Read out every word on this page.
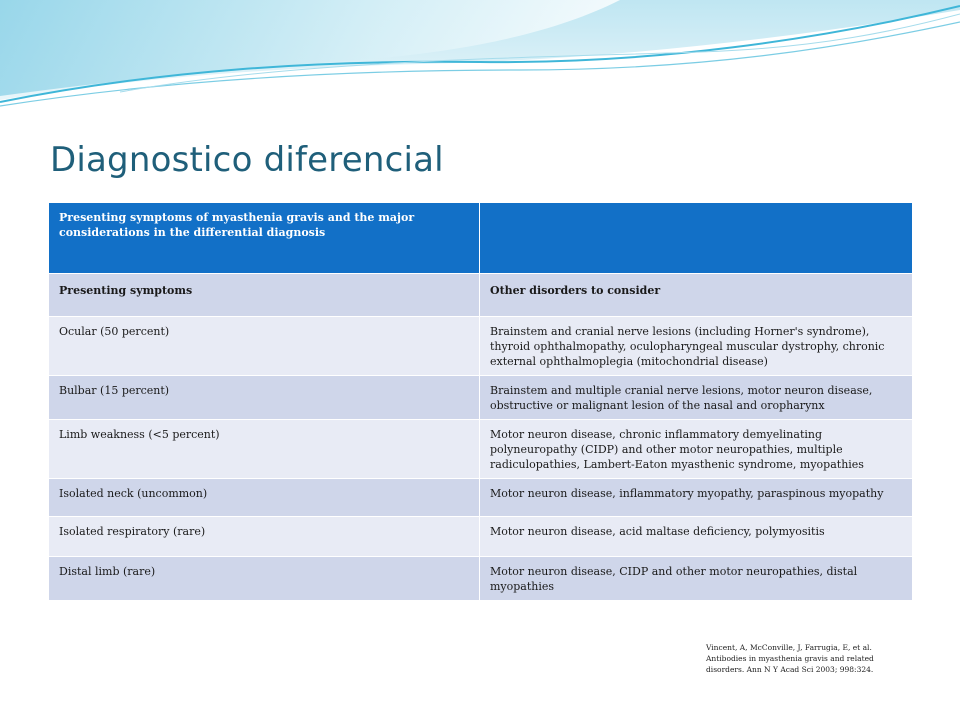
Diagnostico diferencial
Presenting symptoms of myasthenia gravis and the major considerations in the differential diagnosis	
Presenting symptoms	Other disorders to consider
Ocular (50 percent)	Brainstem and cranial nerve lesions (including Horner's syndrome), thyroid ophthalmopathy, oculopharyngeal muscular dystrophy, chronic external ophthalmoplegia (mitochondrial disease)
Bulbar (15 percent)	Brainstem and multiple cranial nerve lesions, motor neuron disease, obstructive or malignant lesion of the nasal and oropharynx
Limb weakness (<5 percent)	Motor neuron disease, chronic inflammatory demyelinating polyneuropathy (CIDP) and other motor neuropathies, multiple radiculopathies, Lambert-Eaton myasthenic syndrome, myopathies
Isolated neck (uncommon)	Motor neuron disease, inflammatory myopathy, paraspinous myopathy
Isolated respiratory (rare)	Motor neuron disease, acid maltase deficiency, polymyositis
Distal limb (rare)	Motor neuron disease, CIDP and other motor neuropathies, distal myopathies
Vincent, A, McConville, J, Farrugia, E, et al. Antibodies in myasthenia gravis and related disorders. Ann N Y Acad Sci 2003; 998:324.
